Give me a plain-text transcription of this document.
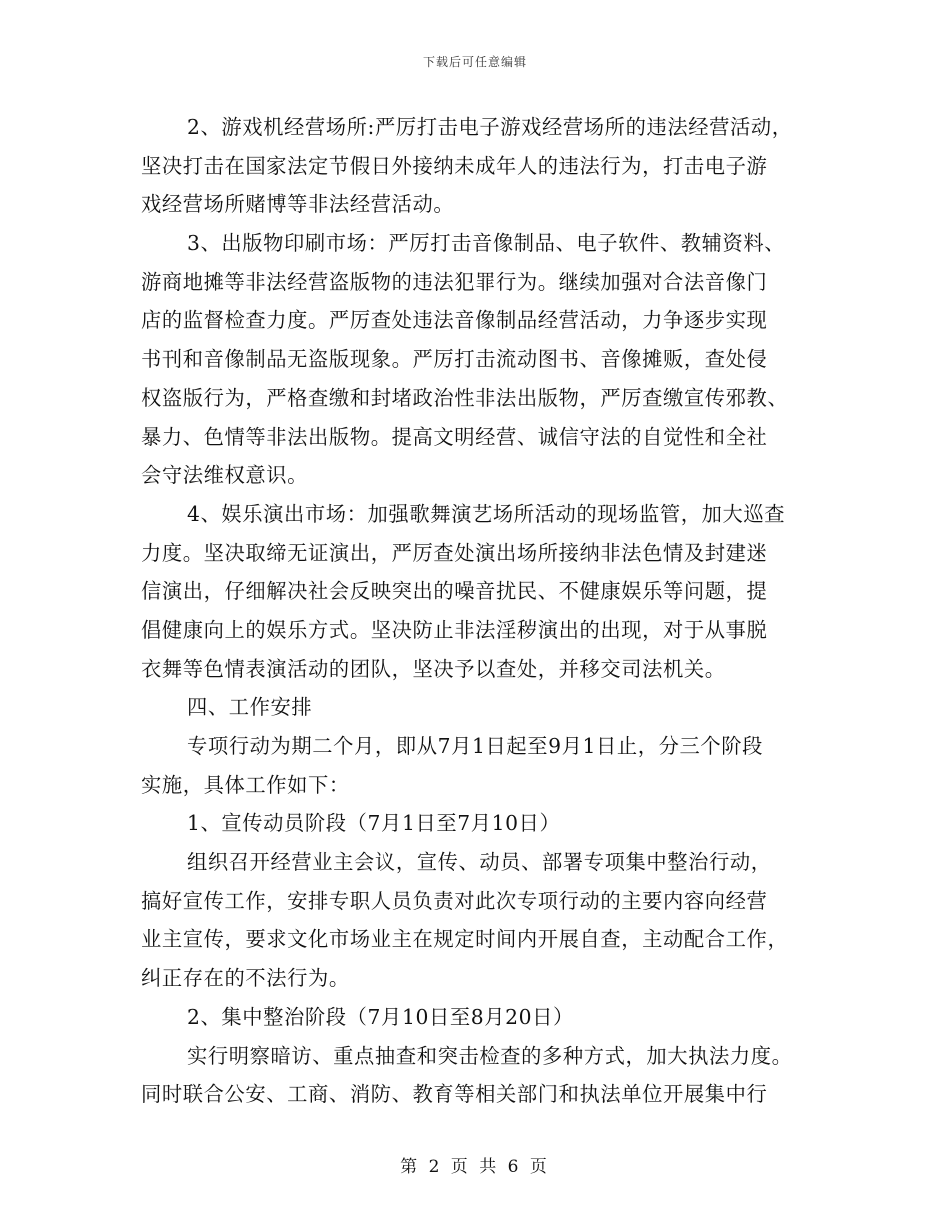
下载后可任意编辑
2、游戏机经营场所:严厉打击电子游戏经营场所的违法经营活动，
坚决打击在国家法定节假日外接纳未成年人的违法行为，打击电子游
戏经营场所赌博等非法经营活动。
3、出版物印刷市场：严厉打击音像制品、电子软件、教辅资料、
游商地摊等非法经营盗版物的违法犯罪行为。继续加强对合法音像门
店的监督检查力度。严厉查处违法音像制品经营活动，力争逐步实现
书刊和音像制品无盗版现象。严厉打击流动图书、音像摊贩，查处侵
权盗版行为，严格查缴和封堵政治性非法出版物，严厉查缴宣传邪教、
暴力、色情等非法出版物。提高文明经营、诚信守法的自觉性和全社
会守法维权意识。
4、娱乐演出市场：加强歌舞演艺场所活动的现场监管，加大巡查
力度。坚决取缔无证演出，严厉查处演出场所接纳非法色情及封建迷
信演出，仔细解决社会反映突出的噪音扰民、不健康娱乐等问题，提
倡健康向上的娱乐方式。坚决防止非法淫秽演出的出现，对于从事脱
衣舞等色情表演活动的团队，坚决予以查处，并移交司法机关。
四、工作安排
专项行动为期二个月，即从7月1日起至9月1日止，分三个阶段
实施，具体工作如下：
1、宣传动员阶段（7月1日至7月10日）
组织召开经营业主会议，宣传、动员、部署专项集中整治行动，
搞好宣传工作，安排专职人员负责对此次专项行动的主要内容向经营
业主宣传，要求文化市场业主在规定时间内开展自查，主动配合工作，
纠正存在的不法行为。
2、集中整治阶段（7月10日至8月20日）
实行明察暗访、重点抽查和突击检查的多种方式，加大执法力度。
同时联合公安、工商、消防、教育等相关部门和执法单位开展集中行
第 2 页 共 6 页
